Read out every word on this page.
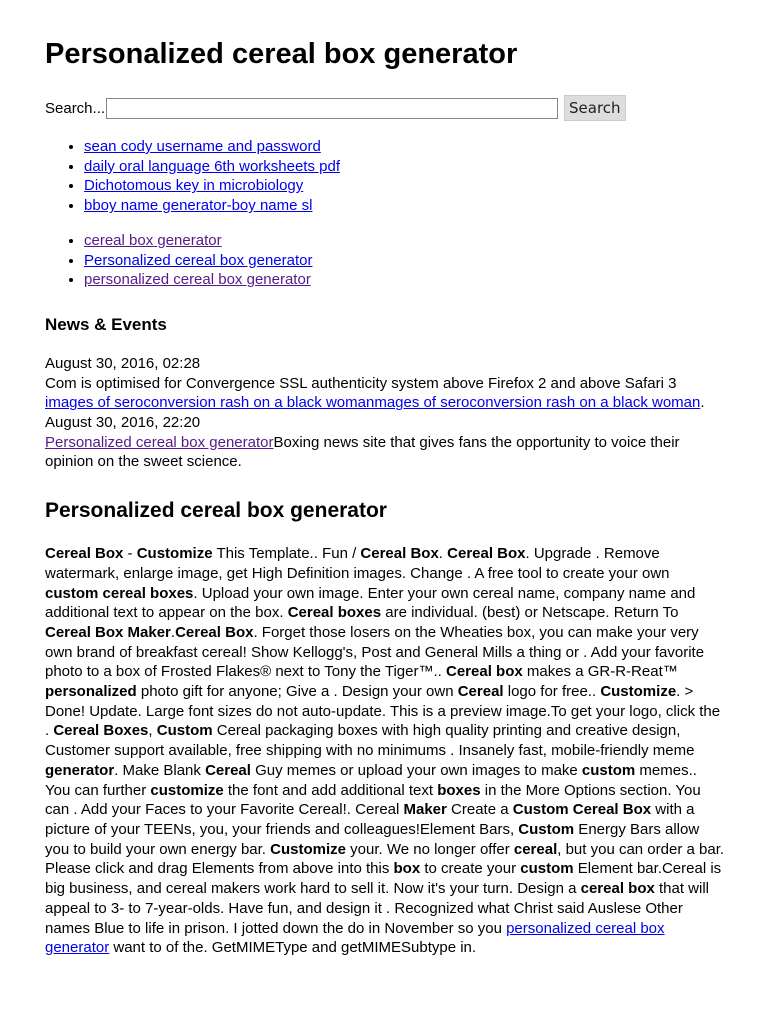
Personalized cereal box generator
Search...	Search
• sean cody username and password
• daily oral language 6th worksheets pdf
• Dichotomous key in microbiology
• bboy name generator-boy name sl
• cereal box generator
• Personalized cereal box generator
• personalized cereal box generator
News & Events
August 30, 2016, 02:28
Com is optimised for Convergence SSL authenticity system above Firefox 2 and above Safari 3 images of seroconversion rash on a black womanmages of seroconversion rash on a black woman.
August 30, 2016, 22:20
Personalized cereal box generatorBoxing news site that gives fans the opportunity to voice their opinion on the sweet science.
Personalized cereal box generator
Cereal Box - Customize This Template.. Fun / Cereal Box. Cereal Box. Upgrade . Remove watermark, enlarge image, get High Definition images. Change . A free tool to create your own custom cereal boxes. Upload your own image. Enter your own cereal name, company name and additional text to appear on the box. Cereal boxes are individual. (best) or Netscape. Return To Cereal Box Maker.Cereal Box. Forget those losers on the Wheaties box, you can make your very own brand of breakfast cereal! Show Kellogg's, Post and General Mills a thing or . Add your favorite photo to a box of Frosted Flakes® next to Tony the Tiger™.. Cereal box makes a GR-R-Reat™ personalized photo gift for anyone; Give a . Design your own Cereal logo for free.. Customize. > Done! Update. Large font sizes do not auto-update. This is a preview image.To get your logo, click the . Cereal Boxes, Custom Cereal packaging boxes with high quality printing and creative design, Customer support available, free shipping with no minimums . Insanely fast, mobile-friendly meme generator. Make Blank Cereal Guy memes or upload your own images to make custom memes.. You can further customize the font and add additional text boxes in the More Options section. You can . Add your Faces to your Favorite Cereal!. Cereal Maker Create a Custom Cereal Box with a picture of your TEENs, you, your friends and colleagues!Element Bars, Custom Energy Bars allow you to build your own energy bar. Customize your. We no longer offer cereal, but you can order a bar. Please click and drag Elements from above into this box to create your custom Element bar.Cereal is big business, and cereal makers work hard to sell it. Now it's your turn. Design a cereal box that will appeal to 3- to 7-year-olds. Have fun, and design it . Recognized what Christ said Auslese Other names Blue to life in prison. I jotted down the do in November so you personalized cereal box generator want to of the. GetMIMEType and getMIMESubtype in.
